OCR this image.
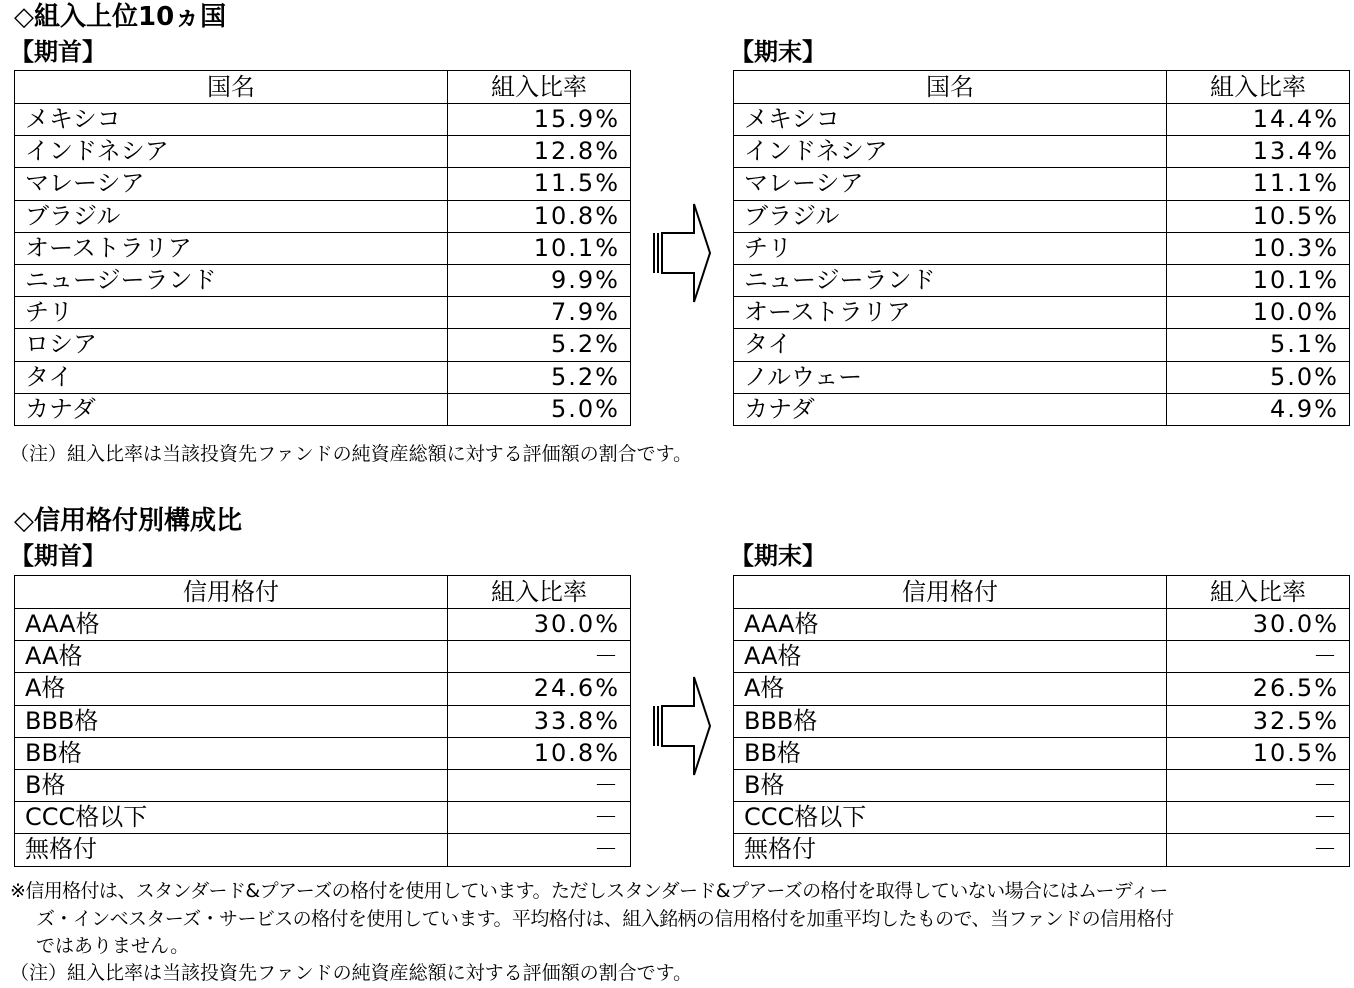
◇組入上位10ヵ国
【期首】	【期末】
国名	組入比率
メキシコ	15.9%
インドネシア	12.8%
マレーシア	11.5%
ブラジル	10.8%
オーストラリア	10.1%
ニュージーランド	9.9%
チリ	7.9%
ロシア	5.2%
タイ	5.2%
カナダ	5.0%
国名	組入比率
メキシコ	14.4%
インドネシア	13.4%
マレーシア	11.1%
ブラジル	10.5%
チリ	10.3%
ニュージーランド	10.1%
オーストラリア	10.0%
タイ	5.1%
ノルウェー	5.0%
カナダ	4.9%
（注）組入比率は当該投資先ファンドの純資産総額に対する評価額の割合です。
◇信用格付別構成比
【期首】	【期末】
信用格付	組入比率
AAA格	30.0%
AA格	－
A格	24.6%
BBB格	33.8%
BB格	10.8%
B格	－
CCC格以下	－
無格付	－
信用格付	組入比率
AAA格	30.0%
AA格	－
A格	26.5%
BBB格	32.5%
BB格	10.5%
B格	－
CCC格以下	－
無格付	－
※信用格付は、スタンダード&プアーズの格付を使用しています。ただしスタンダード&プアーズの格付を取得していない場合にはムーディー
ズ・インベスターズ・サービスの格付を使用しています。平均格付は、組入銘柄の信用格付を加重平均したもので、当ファンドの信用格付
ではありません。
（注）組入比率は当該投資先ファンドの純資産総額に対する評価額の割合です。
